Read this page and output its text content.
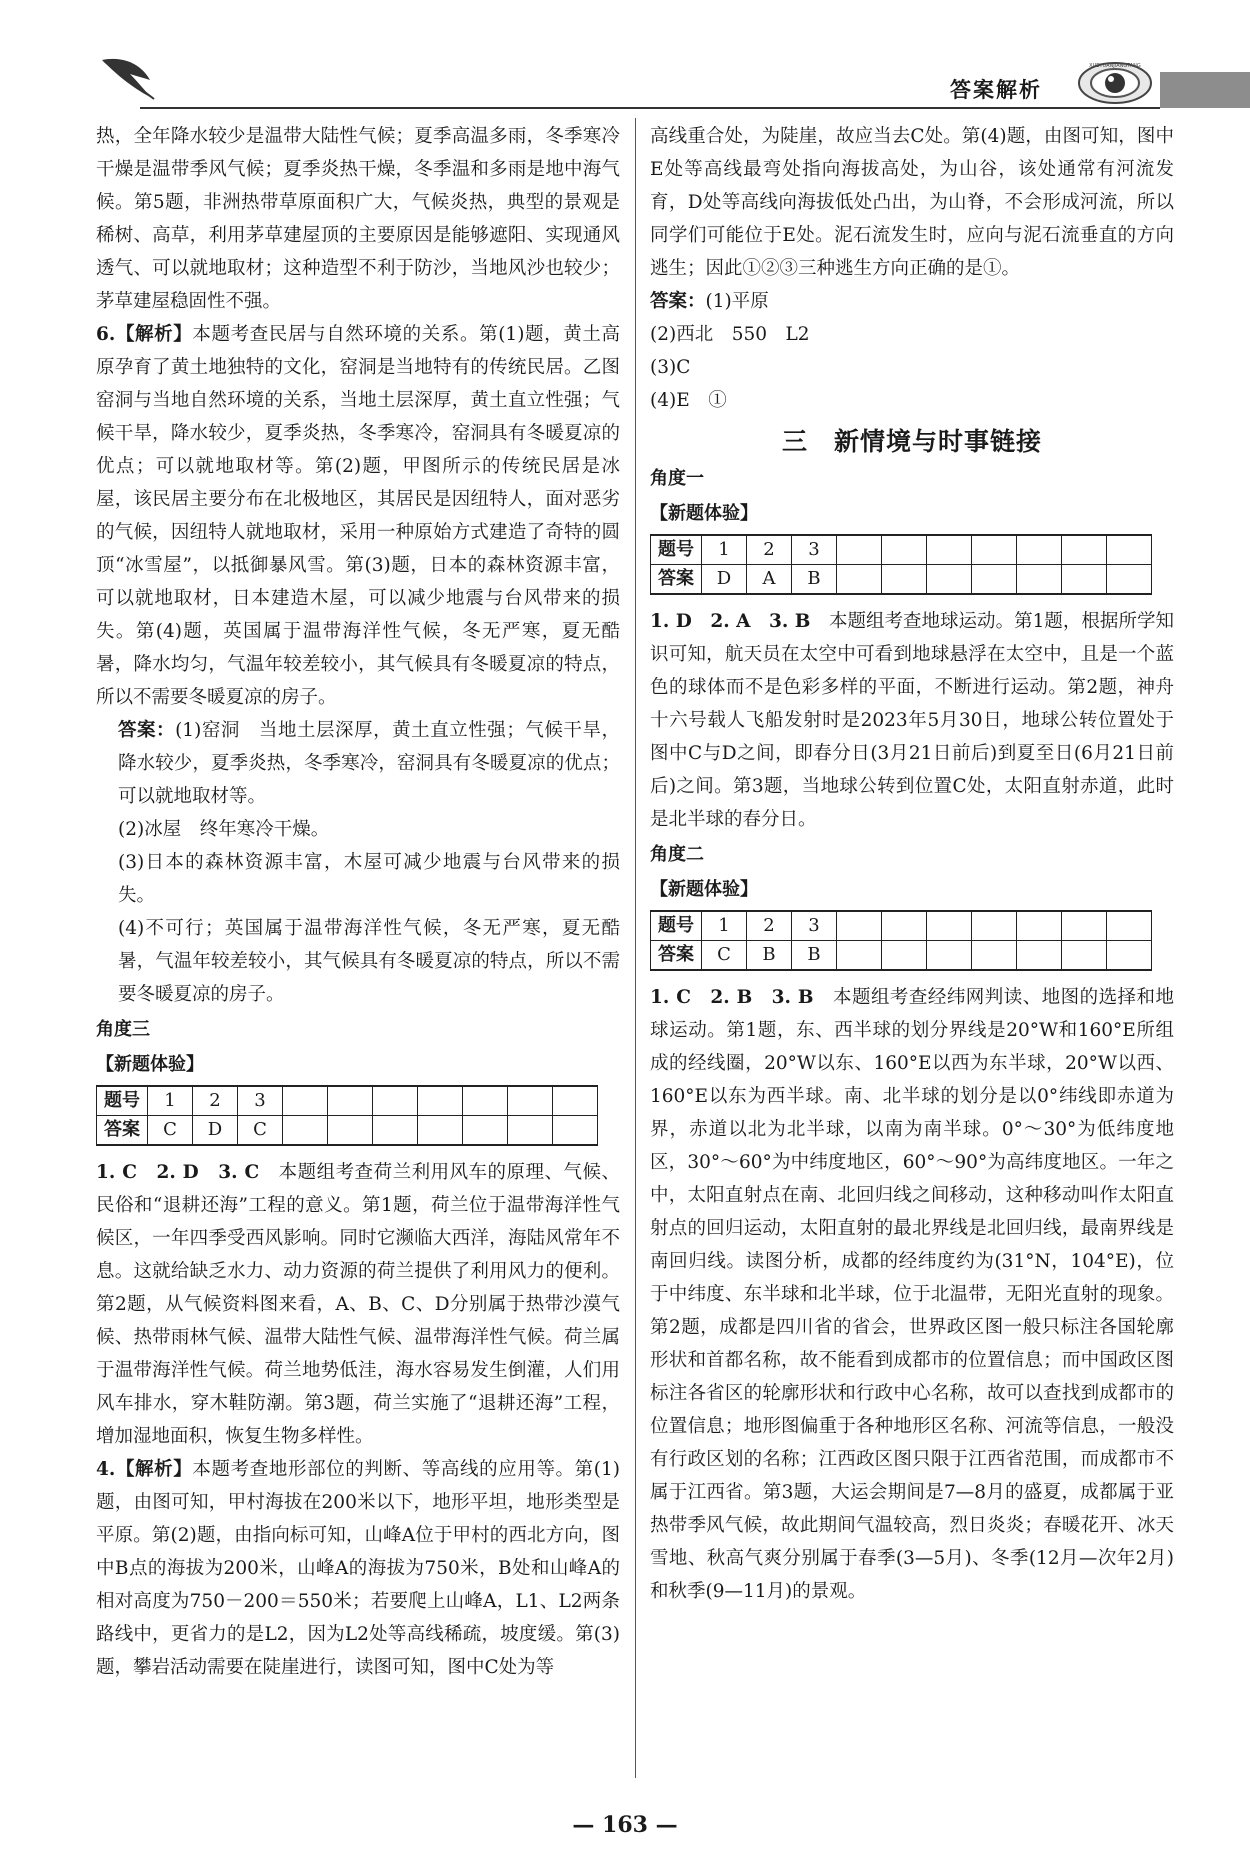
答案解析
XUEYUANJIANGTANG

热，全年降水较少是温带大陆性气候；夏季高温多雨，冬季寒冷干燥是温带季风气候；夏季炎热干燥，冬季温和多雨是地中海气候。第5题，非洲热带草原面积广大，气候炎热，典型的景观是稀树、高草，利用茅草建屋顶的主要原因是能够遮阳、实现通风透气、可以就地取材；这种造型不利于防沙，当地风沙也较少；茅草建屋稳固性不强。

6.【解析】本题考查民居与自然环境的关系。第(1)题，黄土高原孕育了黄土地独特的文化，窑洞是当地特有的传统民居。乙图窑洞与当地自然环境的关系，当地土层深厚，黄土直立性强；气候干旱，降水较少，夏季炎热，冬季寒冷，窑洞具有冬暖夏凉的优点；可以就地取材等。第(2)题，甲图所示的传统民居是冰屋，该民居主要分布在北极地区，其居民是因纽特人，面对恶劣的气候，因纽特人就地取材，采用一种原始方式建造了奇特的圆顶“冰雪屋”，以抵御暴风雪。第(3)题，日本的森林资源丰富，可以就地取材，日本建造木屋，可以减少地震与台风带来的损失。第(4)题，英国属于温带海洋性气候，冬无严寒，夏无酷暑，降水均匀，气温年较差较小，其气候具有冬暖夏凉的特点，所以不需要冬暖夏凉的房子。

答案：(1)窑洞　当地土层深厚，黄土直立性强；气候干旱，降水较少，夏季炎热，冬季寒冷，窑洞具有冬暖夏凉的优点；可以就地取材等。

(2)冰屋　终年寒冷干燥。

(3)日本的森林资源丰富，木屋可减少地震与台风带来的损失。

(4)不可行；英国属于温带海洋性气候，冬无严寒，夏无酷暑，气温年较差较小，其气候具有冬暖夏凉的特点，所以不需要冬暖夏凉的房子。

角度三
【新题体验】
题号	1	2	3							
答案	C	D	C							

1. C　2. D　3. C　 本题组考查荷兰利用风车的原理、气候、民俗和“退耕还海”工程的意义。第1题，荷兰位于温带海洋性气候区，一年四季受西风影响。同时它濒临大西洋，海陆风常年不息。这就给缺乏水力、动力资源的荷兰提供了利用风力的便利。第2题，从气候资料图来看，A、B、C、D分别属于热带沙漠气候、热带雨林气候、温带大陆性气候、温带海洋性气候。荷兰属于温带海洋性气候。荷兰地势低洼，海水容易发生倒灌，人们用风车排水，穿木鞋防潮。第3题，荷兰实施了“退耕还海”工程，增加湿地面积，恢复生物多样性。

4.【解析】本题考查地形部位的判断、等高线的应用等。第(1)题，由图可知，甲村海拔在200米以下，地形平坦，地形类型是平原。第(2)题，由指向标可知，山峰A位于甲村的西北方向，图中B点的海拔为200米，山峰A的海拔为750米，B处和山峰A的相对高度为750－200＝550米；若要爬上山峰A，L1、L2两条路线中，更省力的是L2，因为L2处等高线稀疏，坡度缓。第(3)题，攀岩活动需要在陡崖进行，读图可知，图中C处为等

高线重合处，为陡崖，故应当去C处。第(4)题，由图可知，图中E处等高线最弯处指向海拔高处，为山谷，该处通常有河流发育，D处等高线向海拔低处凸出，为山脊，不会形成河流，所以同学们可能位于E处。泥石流发生时，应向与泥石流垂直的方向逃生；因此①②③三种逃生方向正确的是①。

答案：(1)平原

(2)西北　550　L2

(3)C

(4)E　①

三　新情境与时事链接
角度一
【新题体验】
题号	1	2	3							
答案	D	A	B							

1. D　2. A　3. B　 本题组考查地球运动。第1题，根据所学知识可知，航天员在太空中可看到地球悬浮在太空中，且是一个蓝色的球体而不是色彩多样的平面，不断进行运动。第2题，神舟十六号载人飞船发射时是2023年5月30日，地球公转位置处于图中C与D之间，即春分日(3月21日前后)到夏至日(6月21日前后)之间。第3题，当地球公转到位置C处，太阳直射赤道，此时是北半球的春分日。

角度二
【新题体验】
题号	1	2	3							
答案	C	B	B							

1. C　2. B　3. B　 本题组考查经纬网判读、地图的选择和地球运动。第1题，东、西半球的划分界线是20°W和160°E所组成的经线圈，20°W以东、160°E以西为东半球，20°W以西、160°E以东为西半球。南、北半球的划分是以0°纬线即赤道为界，赤道以北为北半球，以南为南半球。0°～30°为低纬度地区，30°～60°为中纬度地区，60°～90°为高纬度地区。一年之中，太阳直射点在南、北回归线之间移动，这种移动叫作太阳直射点的回归运动，太阳直射的最北界线是北回归线，最南界线是南回归线。读图分析，成都的经纬度约为(31°N，104°E)，位于中纬度、东半球和北半球，位于北温带，无阳光直射的现象。第2题，成都是四川省的省会，世界政区图一般只标注各国轮廓形状和首都名称，故不能看到成都市的位置信息；而中国政区图标注各省区的轮廓形状和行政中心名称，故可以查找到成都市的位置信息；地形图偏重于各种地形区名称、河流等信息，一般没有行政区划的名称；江西政区图只限于江西省范围，而成都市不属于江西省。第3题，大运会期间是7—8月的盛夏，成都属于亚热带季风气候，故此期间气温较高，烈日炎炎；春暖花开、冰天雪地、秋高气爽分别属于春季(3—5月)、冬季(12月—次年2月)和秋季(9—11月)的景观。

— 163 —
